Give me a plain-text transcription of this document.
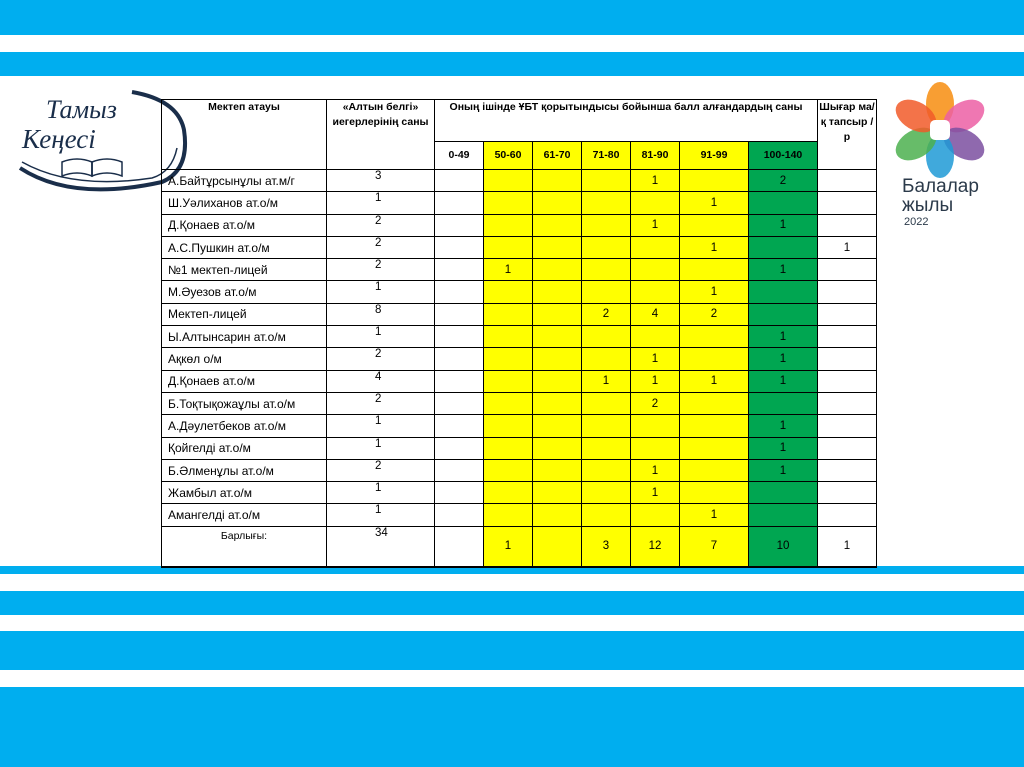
Тамыз
Кеңесі
Балалар
жылы
2022
Мектеп атауы	«Алтын белгі» иегерлерінің саны	Оның ішінде ҰБТ қорытындысы бойынша балл алғандардың саны							Шығар ма/қ тапсыр /р
		0-49	50-60	61-70	71-80	81-90	91-99	100-140	
А.Байтұрсынұлы ат.м/г	3					1		2	
Ш.Уәлиханов ат.о/м	1						1		
Д.Қонаев ат.о/м	2					1		1	
А.С.Пушкин ат.о/м	2						1		1
№1 мектеп-лицей	2		1					1	
М.Әуезов ат.о/м	1						1		
Мектеп-лицей	8				2	4	2		
Ы.Алтынсарин ат.о/м	1							1	
Ақкөл о/м	2					1		1	
Д.Қонаев ат.о/м	4				1	1	1	1	
Б.Тоқтықожаұлы ат.о/м	2					2			
А.Дәулетбеков ат.о/м	1							1	
Қойгелді ат.о/м	1							1	
Б.Әлменұлы ат.о/м	2					1		1	
Жамбыл ат.о/м	1					1			
Амангелді ат.о/м	1						1		
Барлығы:	34		1		3	12	7	10	1
